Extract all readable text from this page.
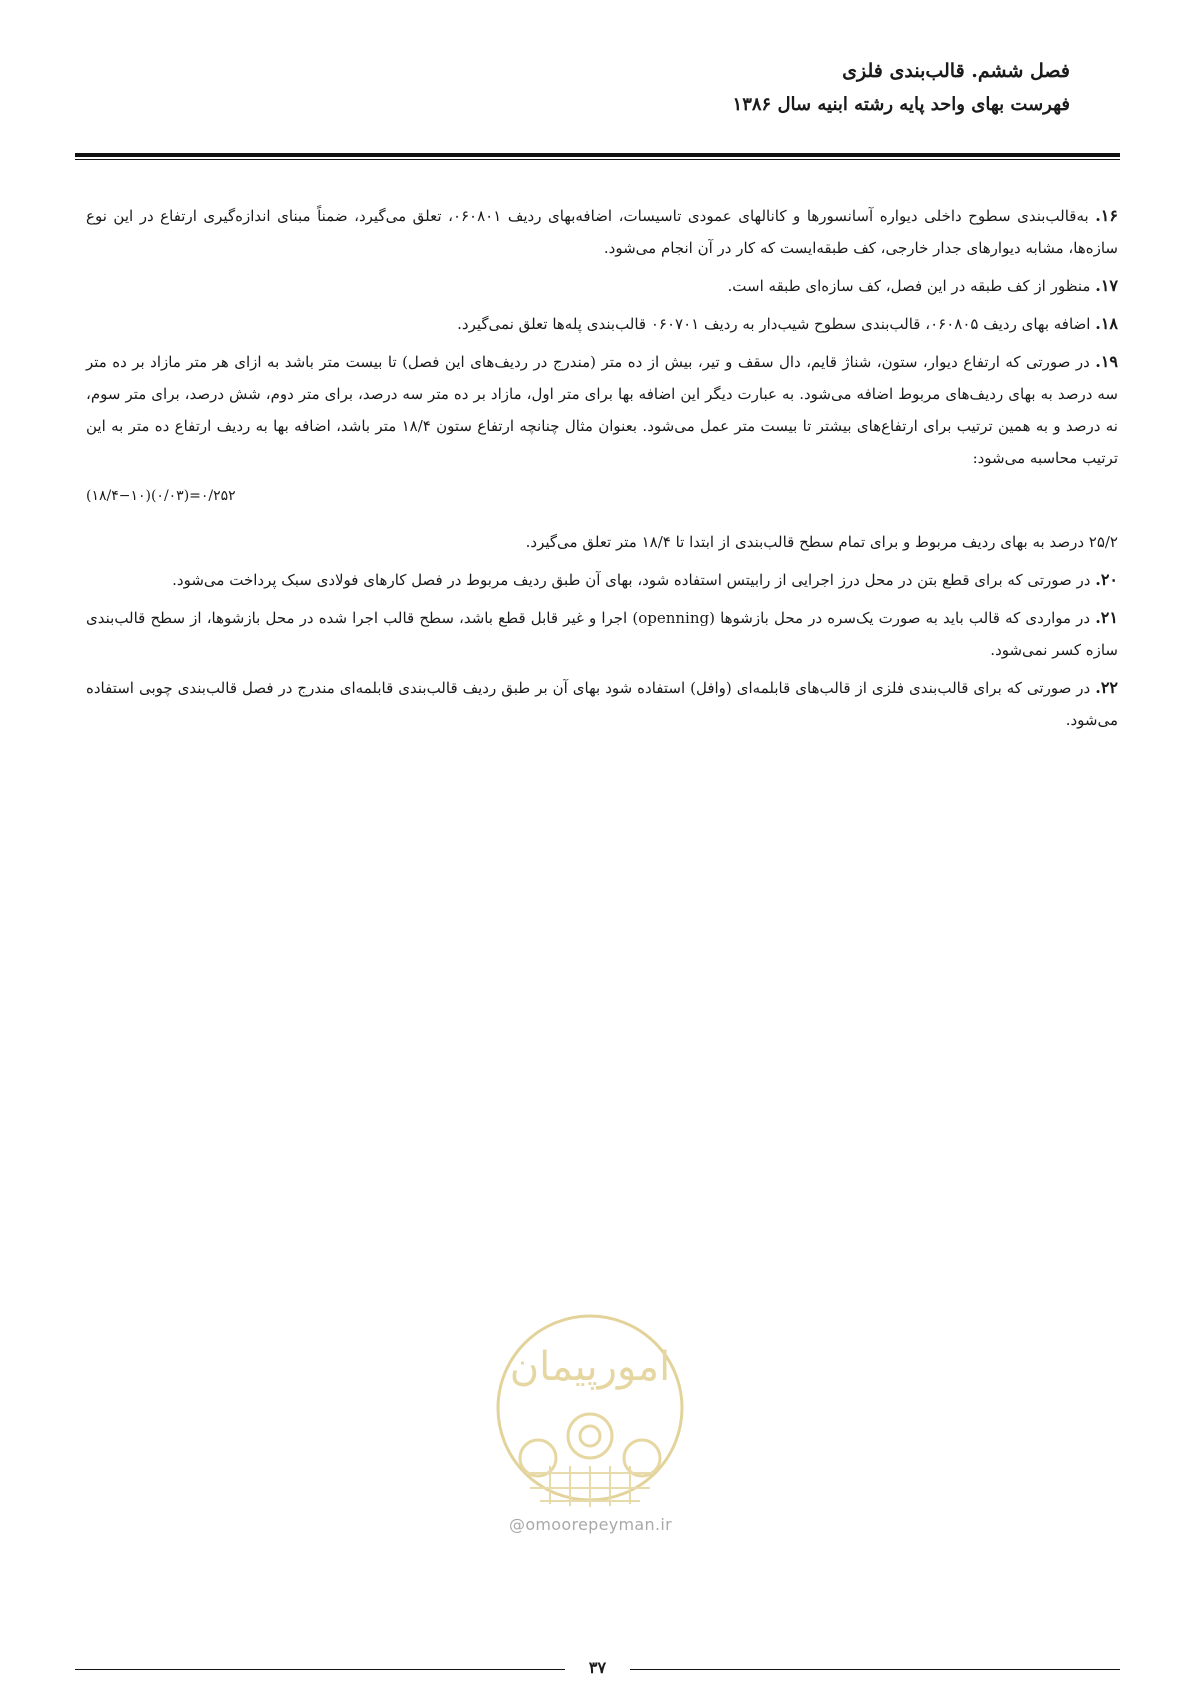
فصل ششم. قالب‌بندی فلزی
فهرست بهای واحد پایه رشته ابنیه سال ۱۳۸۶

۱۶. به‌قالب‌بندی سطوح داخلی دیواره آسانسورها و کانالهای عمودی تاسیسات، اضافه‌بهای ردیف ۰۶۰۸۰۱، تعلق می‌گیرد، ضمناً مبنای اندازه‌گیری ارتفاع در این نوع سازه‌ها، مشابه دیوارهای جدار خارجی، کف طبقه‌ایست که کار در آن انجام می‌شود.

۱۷. منظور از کف طبقه در این فصل، کف سازه‌ای طبقه است.

۱۸. اضافه بهای ردیف ۰۶۰۸۰۵، قالب‌بندی سطوح شیب‌دار به ردیف ۰۶۰۷۰۱ قالب‌بندی پله‌ها تعلق نمی‌گیرد.

۱۹. در صورتی که ارتفاع دیوار، ستون، شناژ قایم، دال سقف و تیر، بیش از ده متر (مندرج در ردیف‌های این فصل) تا بیست متر باشد به ازای هر متر مازاد بر ده متر سه درصد به بهای ردیف‌های مربوط اضافه می‌شود. به عبارت دیگر این اضافه بها برای متر اول، مازاد بر ده متر سه درصد، برای متر دوم، شش درصد، برای متر سوم، نه درصد و به همین ترتیب برای ارتفاع‌های بیشتر تا بیست متر عمل می‌شود. بعنوان مثال چنانچه ارتفاع ستون ۱۸/۴ متر باشد، اضافه بها به ردیف ارتفاع ده متر به این ترتیب محاسبه می‌شود:

(۱۸/۴−۱۰)(۰/۰۳)=۰/۲۵۲

۲۵/۲ درصد به بهای ردیف مربوط و برای تمام سطح قالب‌بندی از ابتدا تا ۱۸/۴ متر تعلق می‌گیرد.

۲۰. در صورتی که برای قطع بتن در محل درز اجرایی از رابیتس استفاده شود، بهای آن طبق ردیف مربوط در فصل کارهای فولادی سبک پرداخت می‌شود.

۲۱. در مواردی که قالب باید به صورت یک‌سره در محل بازشوها (openning) اجرا و غیر قابل قطع باشد، سطح قالب اجرا شده در محل بازشوها، از سطح قالب‌بندی سازه کسر نمی‌شود.

۲۲. در صورتی که برای قالب‌بندی فلزی از قالب‌های قابلمه‌ای (وافل) استفاده شود بهای آن بر طبق ردیف قالب‌بندی قابلمه‌ای مندرج در فصل قالب‌بندی چوبی استفاده می‌شود.

امورپیمان
@omoorepeyman.ir
۳۷
